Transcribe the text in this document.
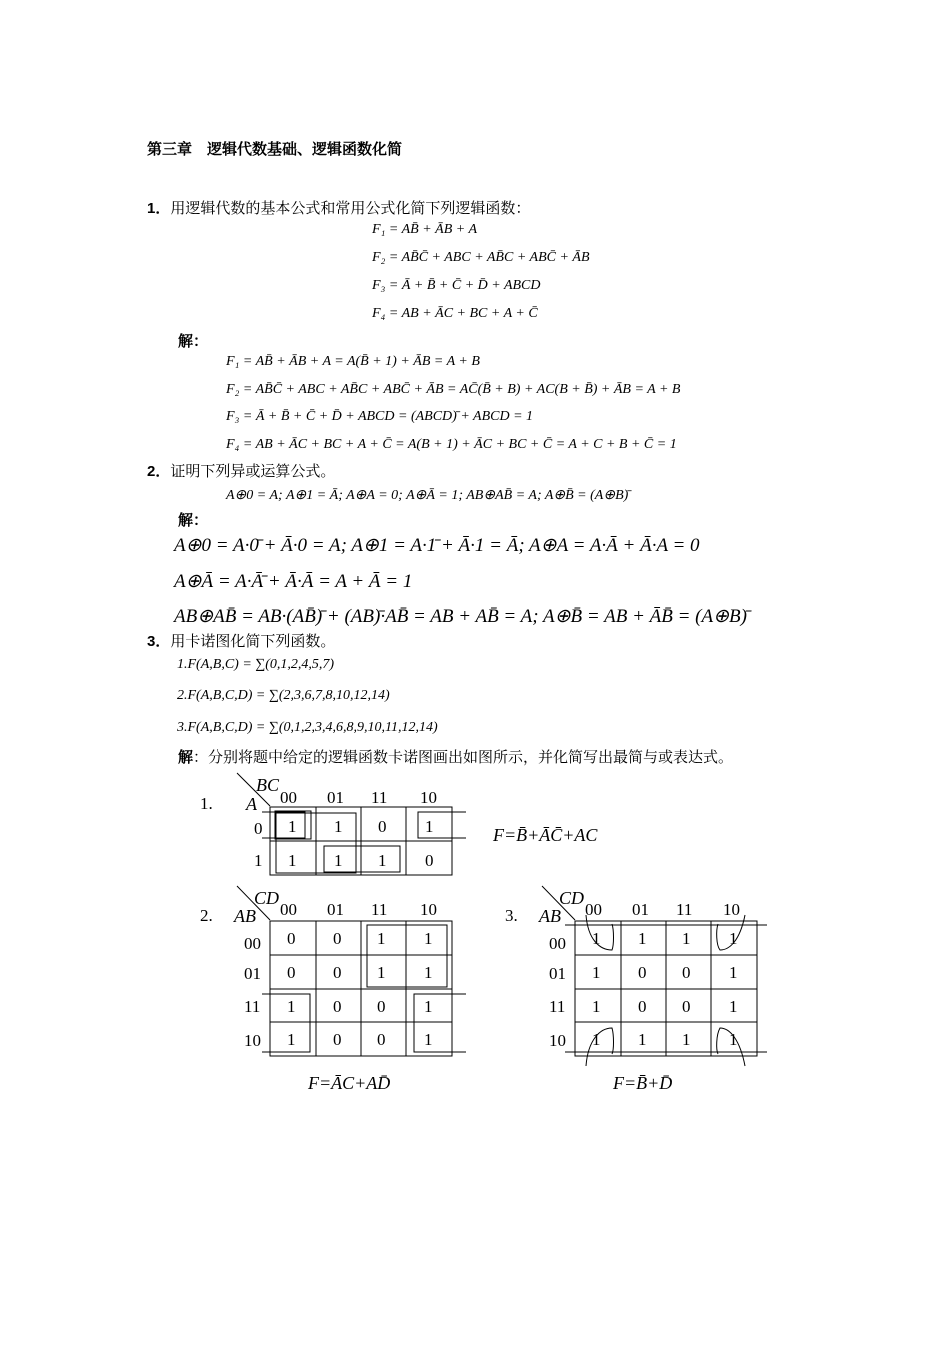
第三章　逻辑代数基础、逻辑函数化简
1．用逻辑代数的基本公式和常用公式化简下列逻辑函数：
F₁ = AB̄ + ĀB + A
F₂ = AB̄C̄ + ABC + AB̄C + ABC̄ + ĀB
F₃ = Ā + B̄ + C̄ + D̄ + ABCD
F₄ = AB + ĀC + BC + A + C̄
解：
F₁ = AB̄ + ĀB + A = A(B̄ + 1) + ĀB = A + B
F₂ = AB̄C̄ + ABC + AB̄C + ABC̄ + ĀB = AC̄(B̄ + B) + AC(B + B̄) + ĀB = A + B
F₃ = Ā + B̄ + C̄ + D̄ + ABCD = (ABCD)̄ + ABCD = 1
F₄ = AB + ĀC + BC + A + C̄ = A(B + 1) + ĀC + BC + C̄ = A + C + B + C̄ = 1
2．证明下列异或运算公式。
A⊕0 = A; A⊕1 = Ā; A⊕A = 0; A⊕Ā = 1; AB⊕AB̄ = A; A⊕B̄ = (A⊕B)̄
解：
A⊕0 = A·0̄ + Ā·0 = A; A⊕1 = A·1̄ + Ā·1 = Ā; A⊕A = A·Ā + Ā·A = 0
A⊕Ā = A·Ā̄ + Ā·Ā = A + Ā = 1
AB⊕AB̄ = AB·(AB̄)̄ + (AB)̄·AB̄ = AB + AB̄ = A; A⊕B̄ = AB + ĀB̄ = (A⊕B)̄
3．用卡诺图化简下列函数。
1.F(A,B,C) = ∑(0,1,2,4,5,7)
2.F(A,B,C,D) = ∑(2,3,6,7,8,10,12,14)
3.F(A,B,C,D) = ∑(0,1,2,3,4,6,8,9,10,11,12,14)
解：分别将题中给定的逻辑函数卡诺图画出如图所示，并化简写出最简与或表达式。
1.
BC
A 00 01 11 10
0
1
1 1 0 1
1 1 1 0
F=B̄+ĀC̄+AC
2.
CD
AB 00 01 11 10
00
01
11
10
0 0 1 1
0 0 1 1
1 0 0 1
1 0 0 1
F=ĀC+AD̄
3.
CD
AB 00 01 11 10
00
01
11
10
1 1 1 1
1 0 0 1
1 0 0 1
1 1 1 1
F=B̄+D̄
